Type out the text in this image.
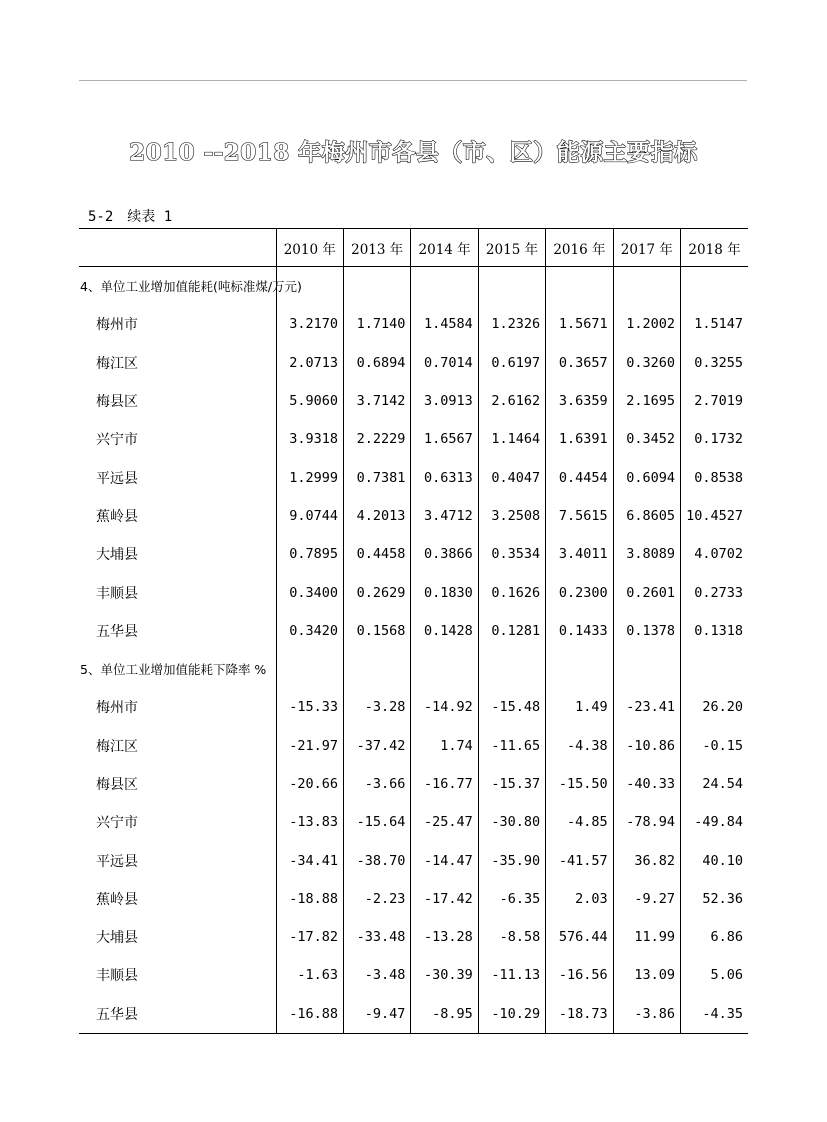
2010 --2018 年梅州市各县（市、区）能源主要指标
5-2 续表 1
	2010 年	2013 年	2014 年	2015 年	2016 年	2017 年	2018 年
4、单位工业增加值能耗(吨标准煤/万元)							
梅州市	3.2170	1.7140	1.4584	1.2326	1.5671	1.2002	1.5147
梅江区	2.0713	0.6894	0.7014	0.6197	0.3657	0.3260	0.3255
梅县区	5.9060	3.7142	3.0913	2.6162	3.6359	2.1695	2.7019
兴宁市	3.9318	2.2229	1.6567	1.1464	1.6391	0.3452	0.1732
平远县	1.2999	0.7381	0.6313	0.4047	0.4454	0.6094	0.8538
蕉岭县	9.0744	4.2013	3.4712	3.2508	7.5615	6.8605	10.4527
大埔县	0.7895	0.4458	0.3866	0.3534	3.4011	3.8089	4.0702
丰顺县	0.3400	0.2629	0.1830	0.1626	0.2300	0.2601	0.2733
五华县	0.3420	0.1568	0.1428	0.1281	0.1433	0.1378	0.1318
5、单位工业增加值能耗下降率 %							
梅州市	-15.33	-3.28	-14.92	-15.48	1.49	-23.41	26.20
梅江区	-21.97	-37.42	1.74	-11.65	-4.38	-10.86	-0.15
梅县区	-20.66	-3.66	-16.77	-15.37	-15.50	-40.33	24.54
兴宁市	-13.83	-15.64	-25.47	-30.80	-4.85	-78.94	-49.84
平远县	-34.41	-38.70	-14.47	-35.90	-41.57	36.82	40.10
蕉岭县	-18.88	-2.23	-17.42	-6.35	2.03	-9.27	52.36
大埔县	-17.82	-33.48	-13.28	-8.58	576.44	11.99	6.86
丰顺县	-1.63	-3.48	-30.39	-11.13	-16.56	13.09	5.06
五华县	-16.88	-9.47	-8.95	-10.29	-18.73	-3.86	-4.35
